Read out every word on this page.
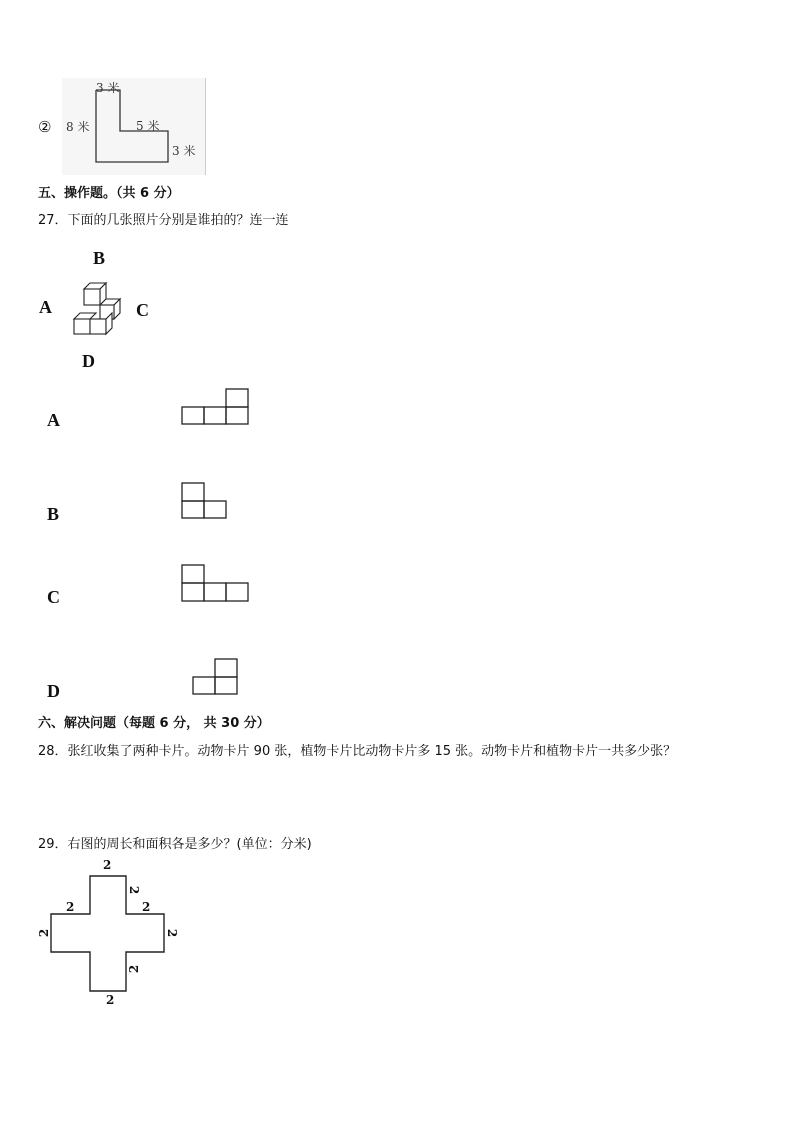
②
3 米
8 米	5 米
3 米
五、操作题。（共 6 分）
27．下面的几张照片分别是谁拍的？连一连
B
A	C
D
A
B
C
D
六、解决问题（每题 6 分， 共 30 分）
28．张红收集了两种卡片。动物卡片 90 张，植物卡片比动物卡片多 15 张。动物卡片和植物卡片一共多少张？
29．右图的周长和面积各是多少？(单位：分米)
2
2
2	2
2	2
2
2
